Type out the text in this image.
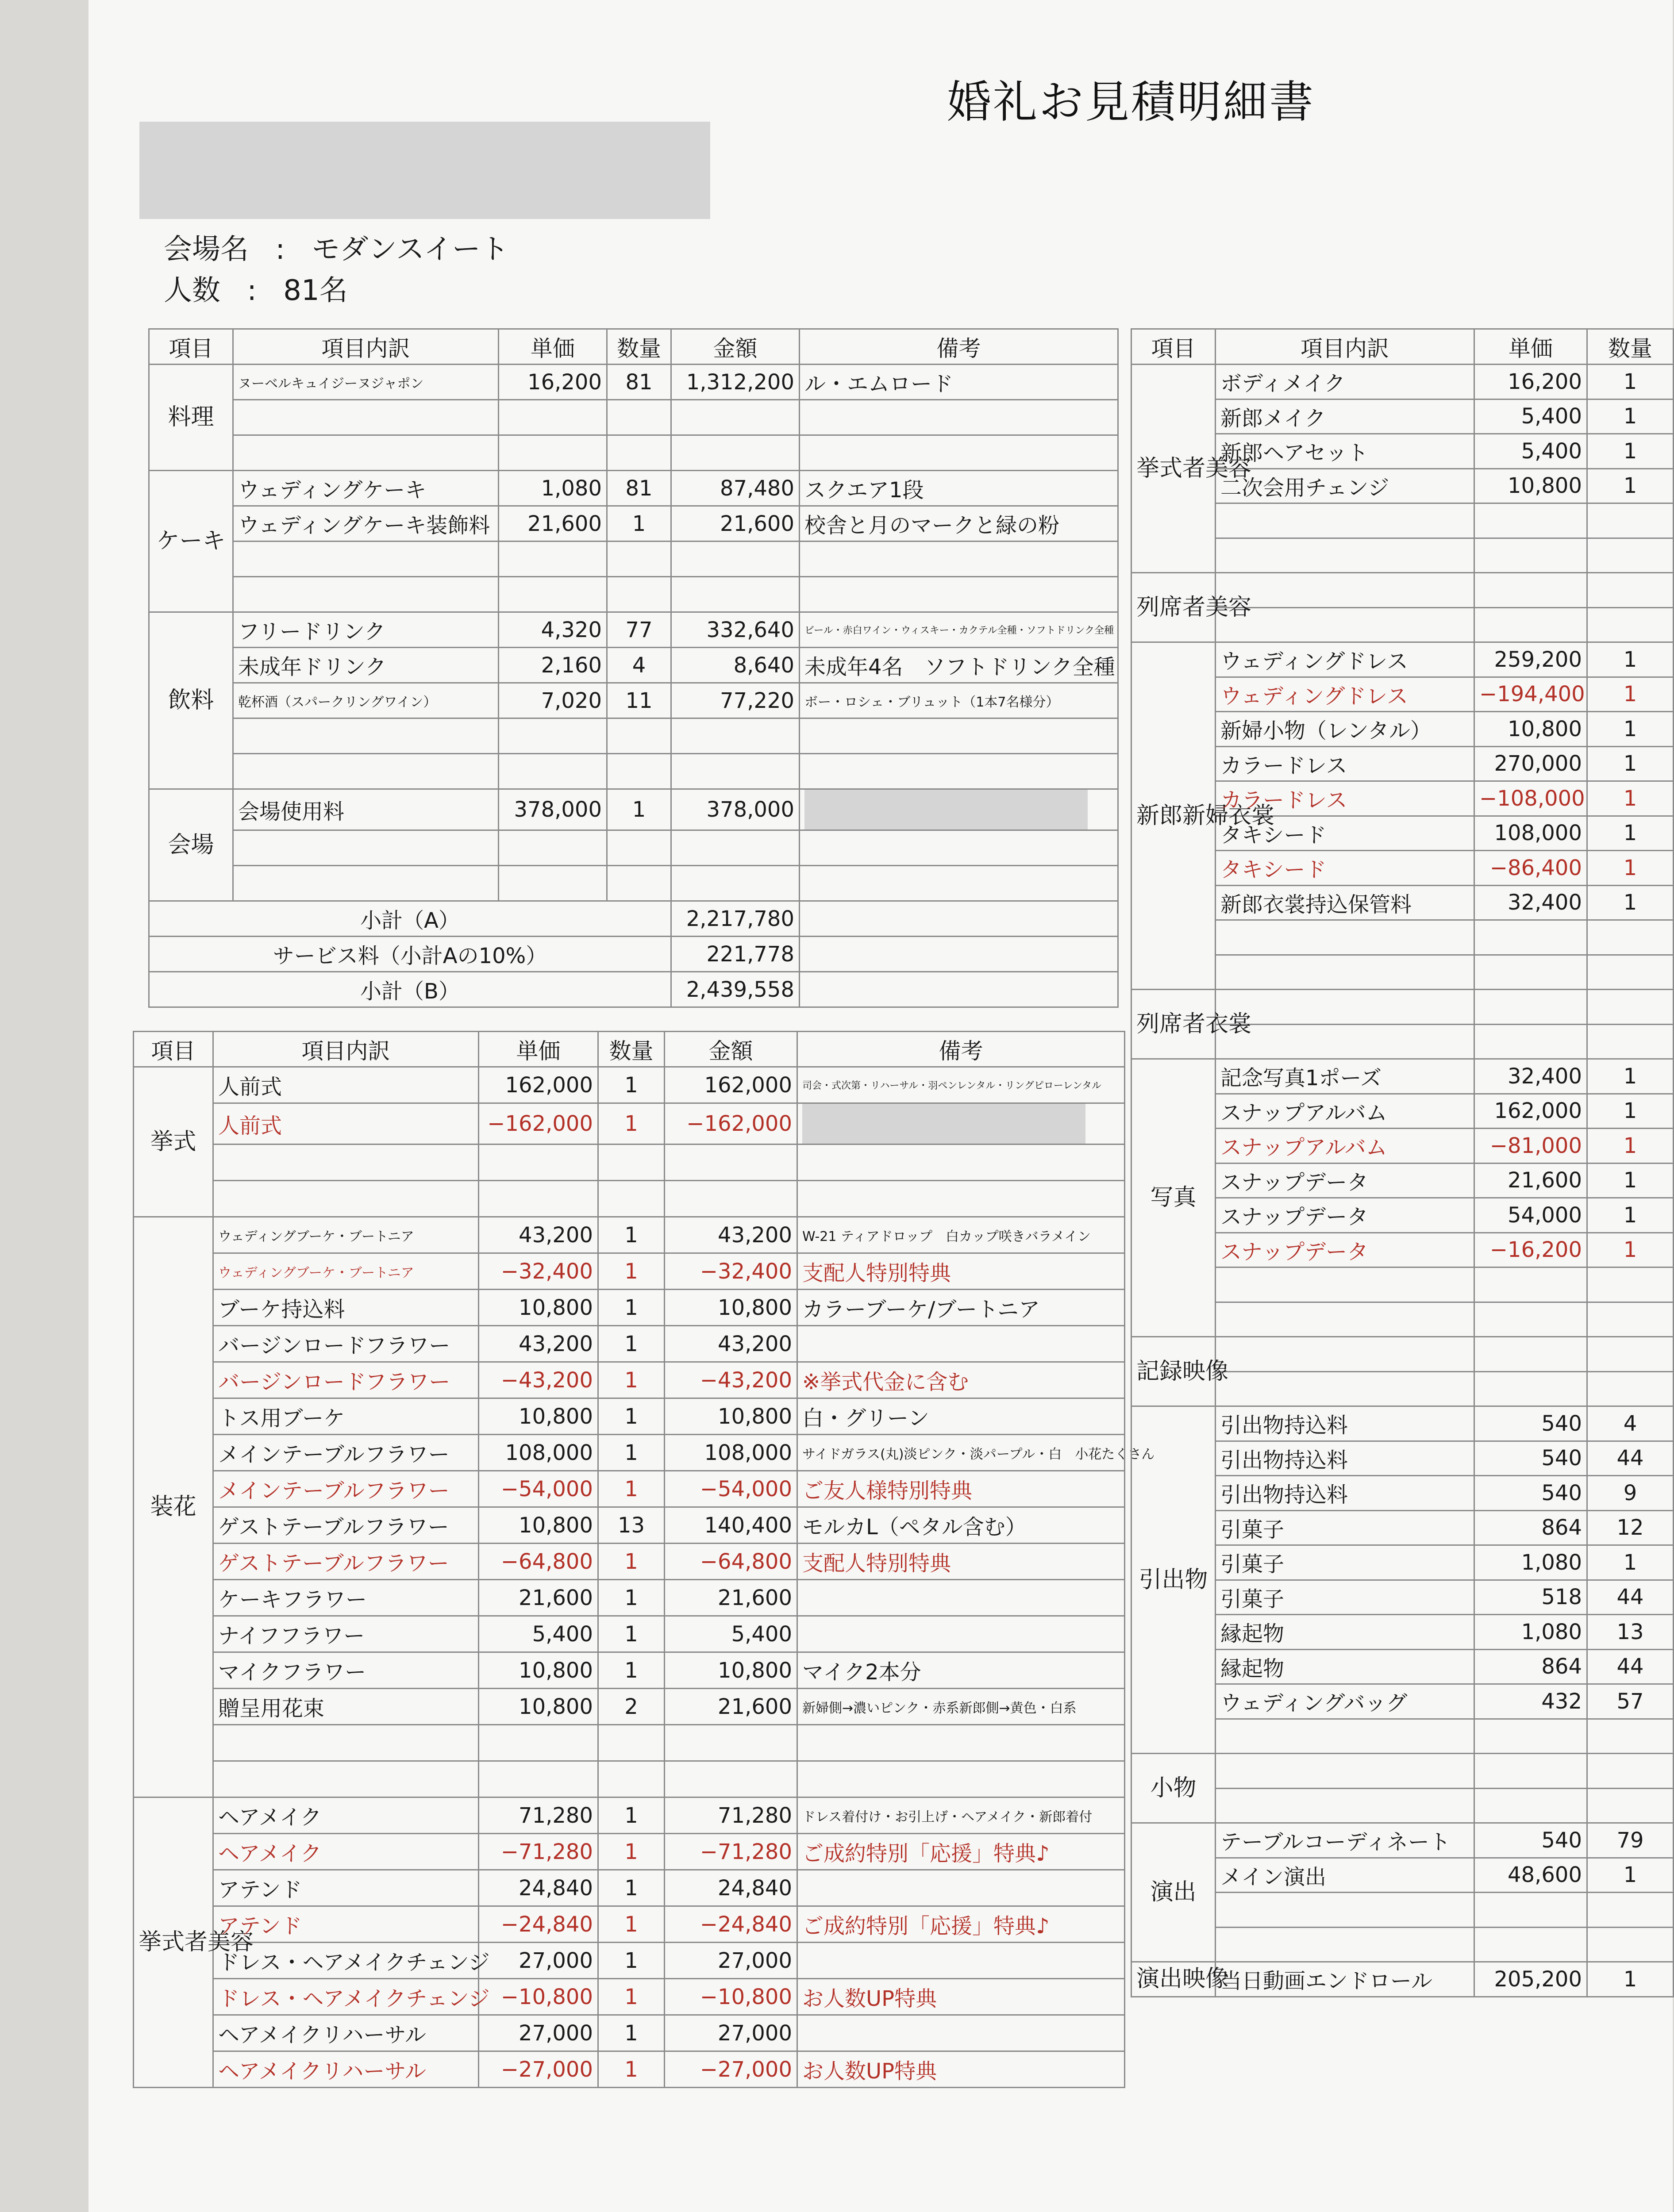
婚礼お見積明細書
会場名 : モダンスイート
人数 : 81名
項目	項目内訳	単価	数量	金額	備考
料理	ヌーベルキュイジーヌジャポン	16,200	81	1,312,200	ル・エムロード

ケーキ	ウェディングケーキ	1,080	81	87,480	スクエア1段
	ウェディングケーキ装飾料	21,600	1	21,600	校舎と月のマークと緑の粉

飲料	フリードリンク	4,320	77	332,640	ビール・赤白ワイン・ウィスキー・カクテル全種・ソフトドリンク全種
	未成年ドリンク	2,160	4	8,640	未成年4名　ソフトドリンク全種
	乾杯酒（スパークリングワイン）	7,020	11	77,220	ボー・ロシェ・ブリュット（1本7名様分）

会場	会場使用料	378,000	1	378,000	

小計（A）				2,217,780	
サービス料（小計Aの10%）				221,778	
小計（B）				2,439,558	
項目	項目内訳	単価	数量	金額	備考
挙式	人前式	162,000	1	162,000	司会・式次第・リハーサル・羽ペンレンタル・リングピローレンタル
	人前式	−162,000	1	−162,000	

装花	ウェディングブーケ・ブートニア	43,200	1	43,200	W-21 ティアドロップ　白カップ咲きバラメイン
	ウェディングブーケ・ブートニア	−32,400	1	−32,400	支配人特別特典
	ブーケ持込料	10,800	1	10,800	カラーブーケ/ブートニア
	バージンロードフラワー	43,200	1	43,200	
	バージンロードフラワー	−43,200	1	−43,200	※挙式代金に含む
	トス用ブーケ	10,800	1	10,800	白・グリーン
	メインテーブルフラワー	108,000	1	108,000	サイドガラス(丸)淡ピンク・淡パープル・白　小花たくさん
	メインテーブルフラワー	−54,000	1	−54,000	ご友人様特別特典
	ゲストテーブルフラワー	10,800	13	140,400	モルカL（ペタル含む）
	ゲストテーブルフラワー	−64,800	1	−64,800	支配人特別特典
	ケーキフラワー	21,600	1	21,600	
	ナイフフラワー	5,400	1	5,400	
	マイクフラワー	10,800	1	10,800	マイク2本分
	贈呈用花束	10,800	2	21,600	新婦側→濃いピンク・赤系新郎側→黄色・白系

挙式者美容	ヘアメイク	71,280	1	71,280	ドレス着付け・お引上げ・ヘアメイク・新郎着付
	ヘアメイク	−71,280	1	−71,280	ご成約特別「応援」特典♪
	アテンド	24,840	1	24,840	
	アテンド	−24,840	1	−24,840	ご成約特別「応援」特典♪
	ドレス・ヘアメイクチェンジ	27,000	1	27,000	
	ドレス・ヘアメイクチェンジ	−10,800	1	−10,800	お人数UP特典
	ヘアメイクリハーサル	27,000	1	27,000	
	ヘアメイクリハーサル	−27,000	1	−27,000	お人数UP特典
項目	項目内訳	単価	数量
挙式者美容	ボディメイク	16,200	1
	新郎メイク	5,400	1
	新郎ヘアセット	5,400	1
	二次会用チェンジ	10,800	1

列席者美容			

新郎新婦衣裳	ウェディングドレス	259,200	1
	ウェディングドレス	−194,400	1
	新婦小物（レンタル）	10,800	1
	カラードレス	270,000	1
	カラードレス	−108,000	1
	タキシード	108,000	1
	タキシード	−86,400	1
	新郎衣裳持込保管料	32,400	1

列席者衣裳			

写真	記念写真1ポーズ	32,400	1
	スナップアルバム	162,000	1
	スナップアルバム	−81,000	1
	スナップデータ	21,600	1
	スナップデータ	54,000	1
	スナップデータ	−16,200	1

記録映像			

引出物	引出物持込料	540	4
	引出物持込料	540	44
	引出物持込料	540	9
	引菓子	864	12
	引菓子	1,080	1
	引菓子	518	44
	縁起物	1,080	13
	縁起物	864	44
	ウェディングバッグ	432	57

小物			

演出	テーブルコーディネート	540	79
	メイン演出	48,600	1

演出映像	当日動画エンドロール	205,200	1
